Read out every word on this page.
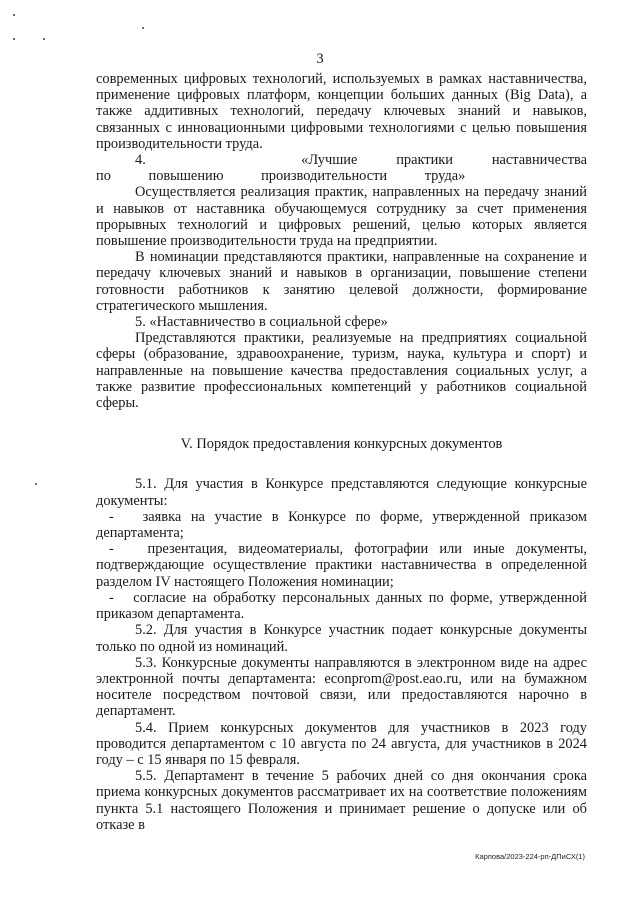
3

современных цифровых технологий, используемых в рамках наставничества, применение цифровых платформ, концепции больших данных (Big Data), а также аддитивных технологий, передачу ключевых знаний и навыков, связанных с инновационными цифровыми технологиями с целью повышения производительности труда.

4.    «Лучшие практики наставничества по повышению производительности труда»

Осуществляется реализация практик, направленных на передачу знаний и навыков от наставника обучающемуся сотруднику за счет применения прорывных технологий и цифровых решений, целью которых является повышение производительности труда на предприятии.

В номинации представляются практики, направленные на сохранение и передачу ключевых знаний и навыков в организации, повышение степени готовности работников к занятию целевой должности, формирование стратегического мышления.

5. «Наставничество в социальной сфере»

Представляются практики, реализуемые на предприятиях социальной сферы (образование, здравоохранение, туризм, наука, культура и спорт) и направленные на повышение качества предоставления социальных услуг, а также развитие профессиональных компетенций у работников социальной сферы.

V. Порядок предоставления конкурсных документов

5.1. Для участия в Конкурсе представляются следующие конкурсные документы:

-   заявка на участие в Конкурсе по форме, утвержденной приказом департамента;

-   презентация, видеоматериалы, фотографии или иные документы, подтверждающие осуществление практики наставничества в определенной разделом IV настоящего Положения номинации;

-   согласие на обработку персональных данных по форме, утвержденной приказом департамента.

5.2. Для участия в Конкурсе участник подает конкурсные документы только по одной из номинаций.

5.3. Конкурсные документы направляются в электронном виде на адрес электронной почты департамента: econprom@post.eao.ru, или на бумажном носителе посредством почтовой связи, или предоставляются нарочно в департамент.

5.4. Прием конкурсных документов для участников в 2023 году проводится департаментом с 10 августа по 24 августа, для участников в 2024 году – с 15 января по 15 февраля.

5.5. Департамент в течение 5 рабочих дней со дня окончания срока приема конкурсных документов рассматривает их на соответствие положениям пункта 5.1 настоящего Положения и принимает решение о допуске или об отказе в

Карпова/2023-224-рп-ДПиСХ(1)
